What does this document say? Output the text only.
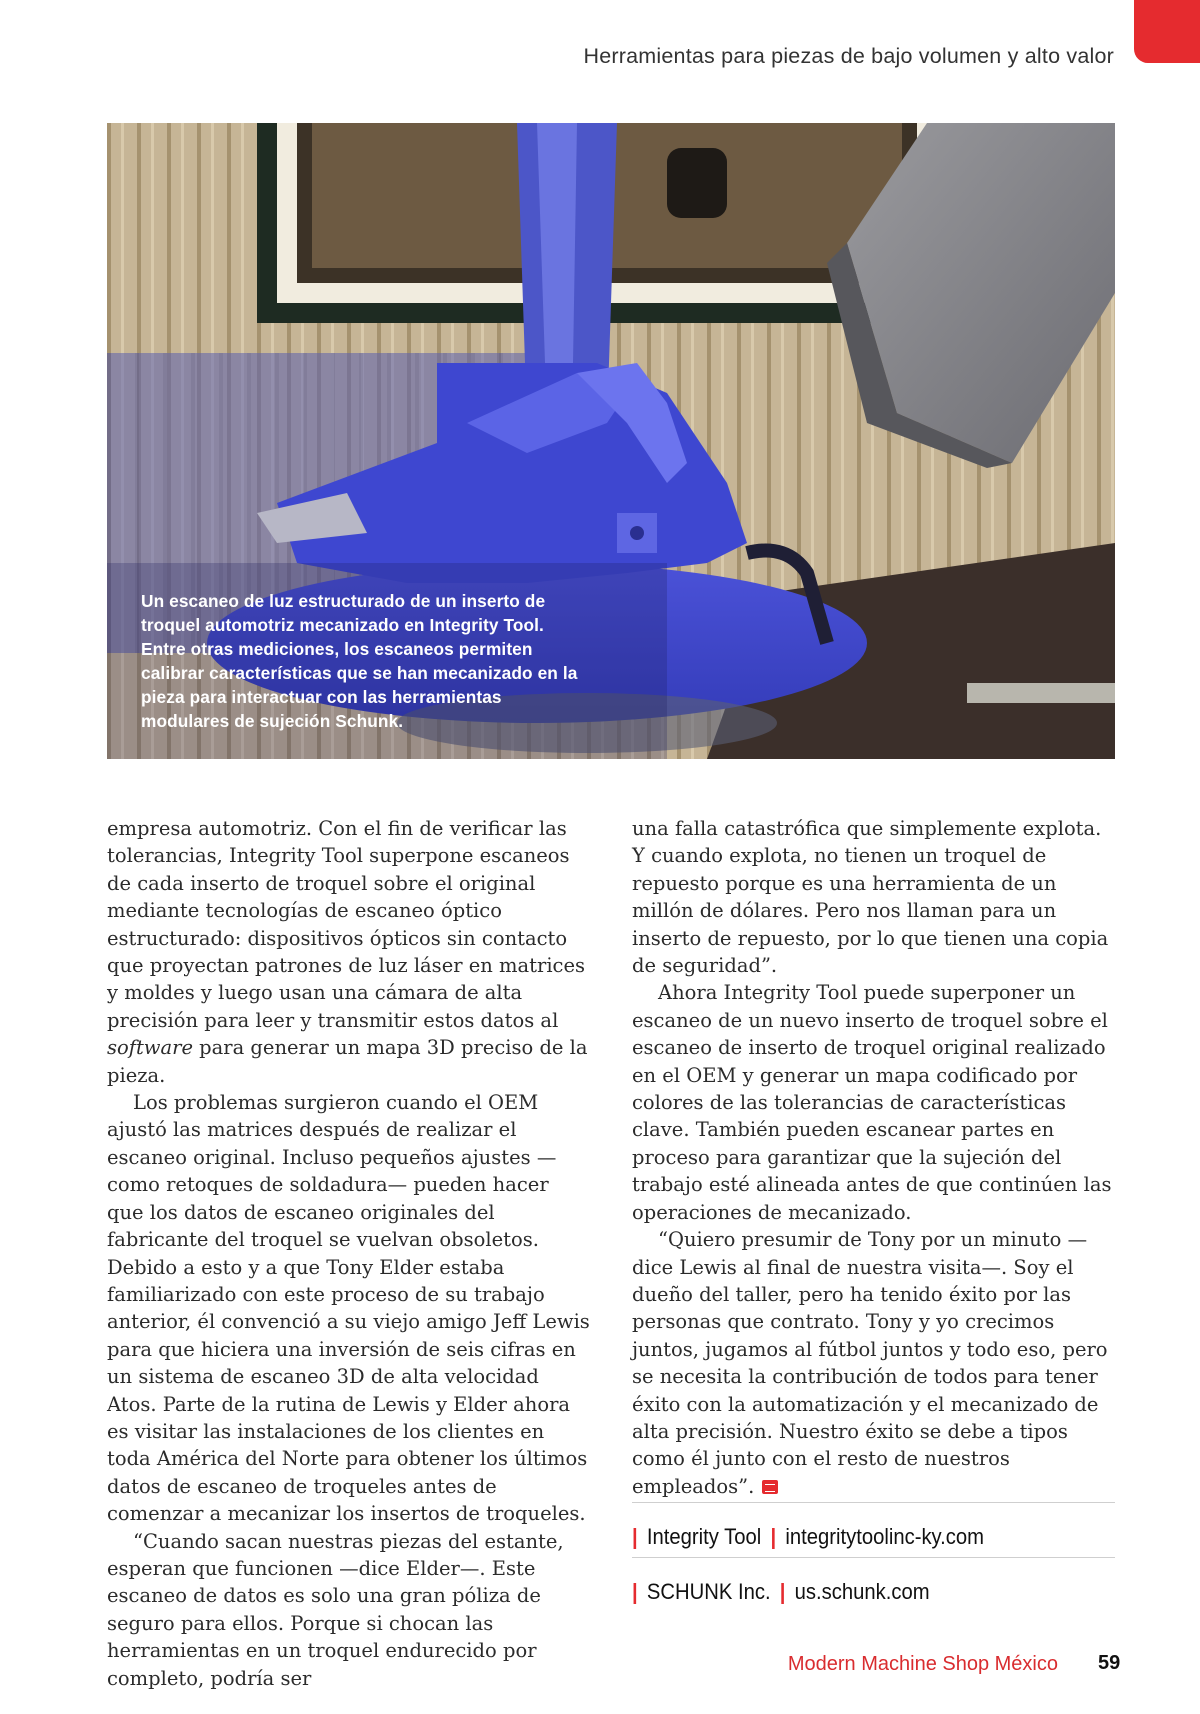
Herramientas para piezas de bajo volumen y alto valor
Un escaneo de luz estructurado de un inserto de troquel automotriz mecanizado en Integrity Tool. Entre otras mediciones, los escaneos permiten calibrar características que se han mecanizado en la pieza para interactuar con las herramientas modulares de sujeción Schunk.

empresa automotriz. Con el fin de verificar las tolerancias, Integrity Tool superpone escaneos de cada inserto de troquel sobre el original mediante tecnologías de escaneo óptico estructurado: dispositivos ópticos sin contacto que proyectan patrones de luz láser en matrices y moldes y luego usan una cámara de alta precisión para leer y transmitir estos datos al software para generar un mapa 3D preciso de la pieza.

Los problemas surgieron cuando el OEM ajustó las matrices después de realizar el escaneo original. Incluso pequeños ajustes —como retoques de soldadura— pueden hacer que los datos de escaneo originales del fabricante del troquel se vuelvan obsoletos. Debido a esto y a que Tony Elder estaba familiarizado con este proceso de su trabajo anterior, él convenció a su viejo amigo Jeff Lewis para que hiciera una inversión de seis cifras en un sistema de escaneo 3D de alta velocidad Atos. Parte de la rutina de Lewis y Elder ahora es visitar las instalaciones de los clientes en toda América del Norte para obtener los últimos datos de escaneo de troqueles antes de comenzar a mecanizar los insertos de troqueles.

“Cuando sacan nuestras piezas del estante, esperan que funcionen —dice Elder—. Este escaneo de datos es solo una gran póliza de seguro para ellos. Porque si chocan las herramientas en un troquel endurecido por completo, podría ser

una falla catastrófica que simplemente explota. Y cuando explota, no tienen un troquel de repuesto porque es una herramienta de un millón de dólares. Pero nos llaman para un inserto de repuesto, por lo que tienen una copia de seguridad”.

Ahora Integrity Tool puede superponer un escaneo de un nuevo inserto de troquel sobre el escaneo de inserto de troquel original realizado en el OEM y generar un mapa codificado por colores de las tolerancias de características clave. También pueden escanear partes en proceso para garantizar que la sujeción del trabajo esté alineada antes de que continúen las operaciones de mecanizado.

“Quiero presumir de Tony por un minuto —dice Lewis al final de nuestra visita—. Soy el dueño del taller, pero ha tenido éxito por las personas que contrato. Tony y yo crecimos juntos, jugamos al fútbol juntos y todo eso, pero se necesita la contribución de todos para tener éxito con la automatización y el mecanizado de alta precisión. Nuestro éxito se debe a tipos como él junto con el resto de nuestros empleados”.

| Integrity Tool | integritytoolinc-ky.com
| SCHUNK Inc. | us.schunk.com
Modern Machine Shop México 59
